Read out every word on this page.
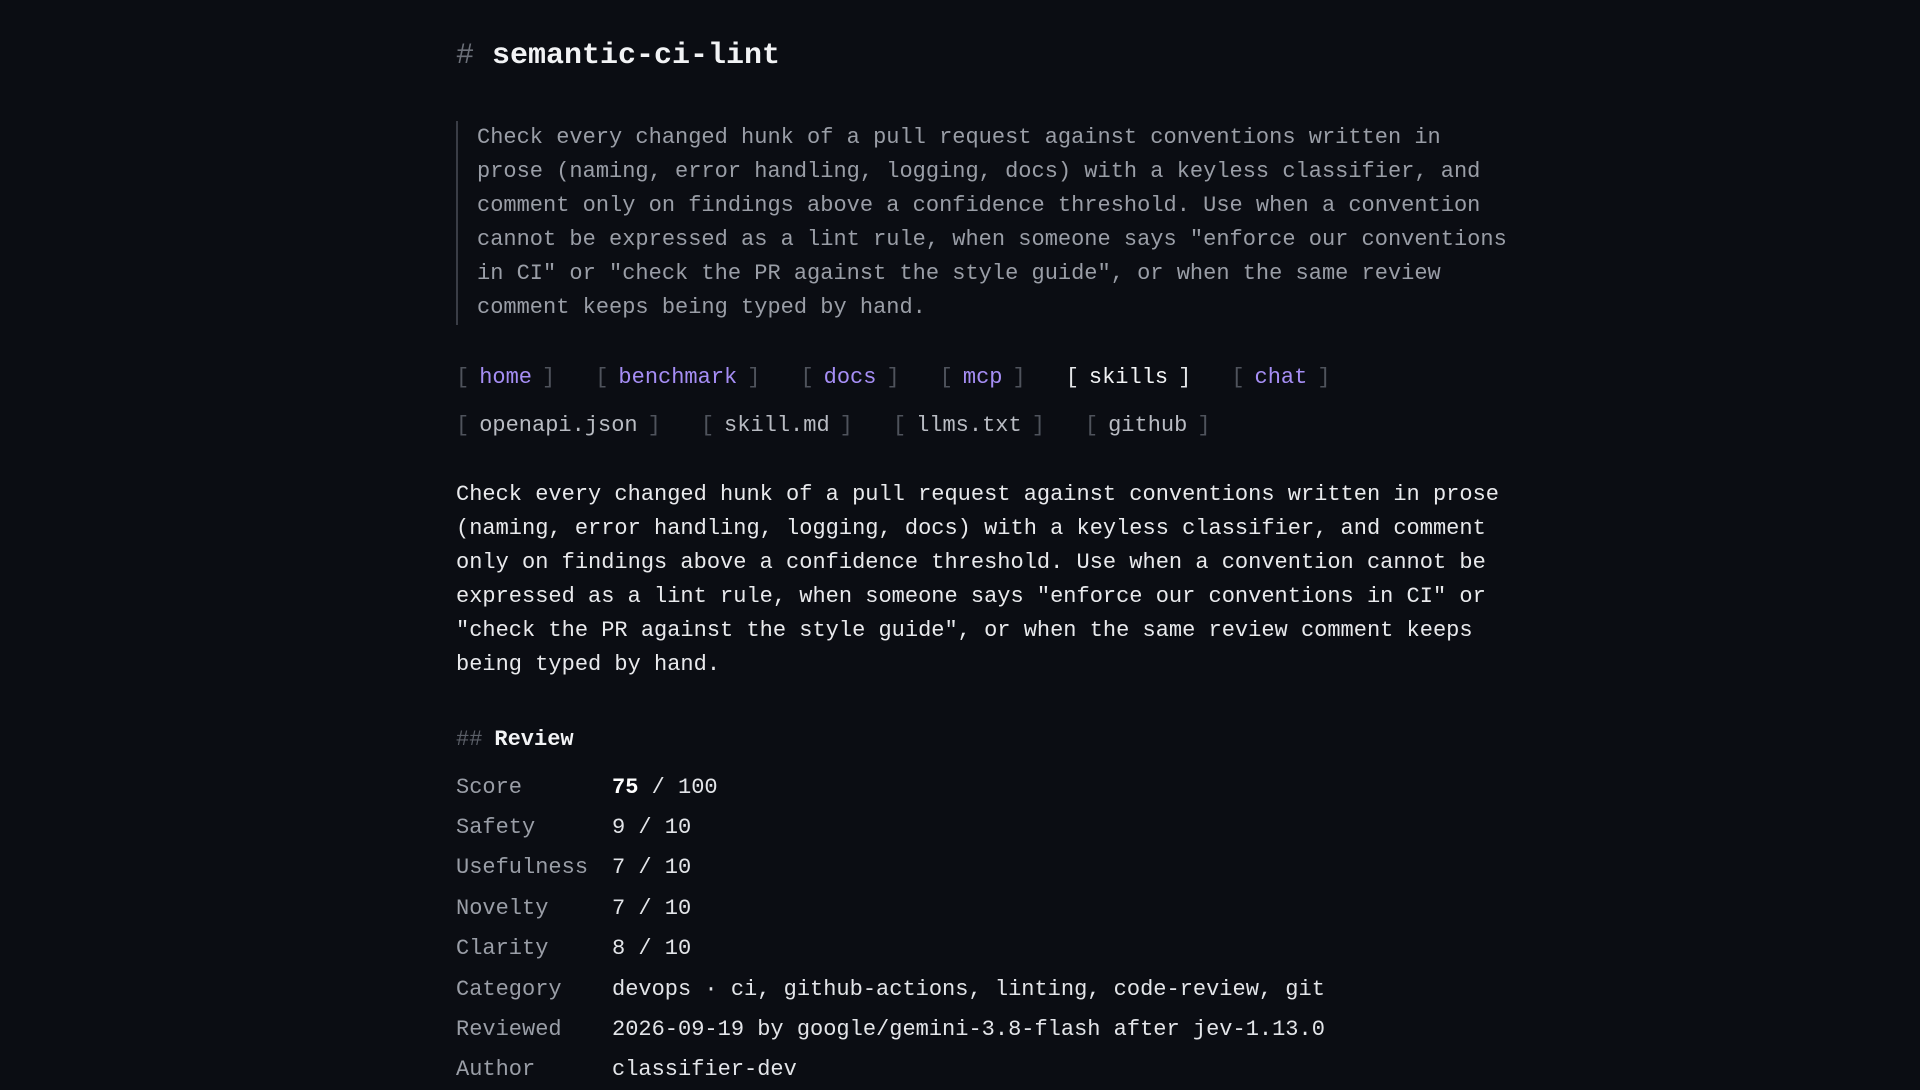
# semantic-ci-lint
Check every changed hunk of a pull request against conventions written in
prose (naming, error handling, logging, docs) with a keyless classifier, and
comment only on findings above a confidence threshold. Use when a convention
cannot be expressed as a lint rule, when someone says "enforce our conventions
in CI" or "check the PR against the style guide", or when the same review
comment keeps being typed by hand.
[ home ] [ benchmark ] [ docs ] [ mcp ] [ skills ] [ chat ]
[ openapi.json ] [ skill.md ] [ llms.txt ] [ github ]
Check every changed hunk of a pull request against conventions written in prose
(naming, error handling, logging, docs) with a keyless classifier, and comment
only on findings above a confidence threshold. Use when a convention cannot be
expressed as a lint rule, when someone says "enforce our conventions in CI" or
"check the PR against the style guide", or when the same review comment keeps
being typed by hand.
## Review
Score	75 / 100
Safety	9 / 10
Usefulness	7 / 10
Novelty	7 / 10
Clarity	8 / 10
Category	devops · ci, github-actions, linting, code-review, git
Reviewed	2026-09-19 by google/gemini-3.8-flash after jev-1.13.0
Author	classifier-dev
